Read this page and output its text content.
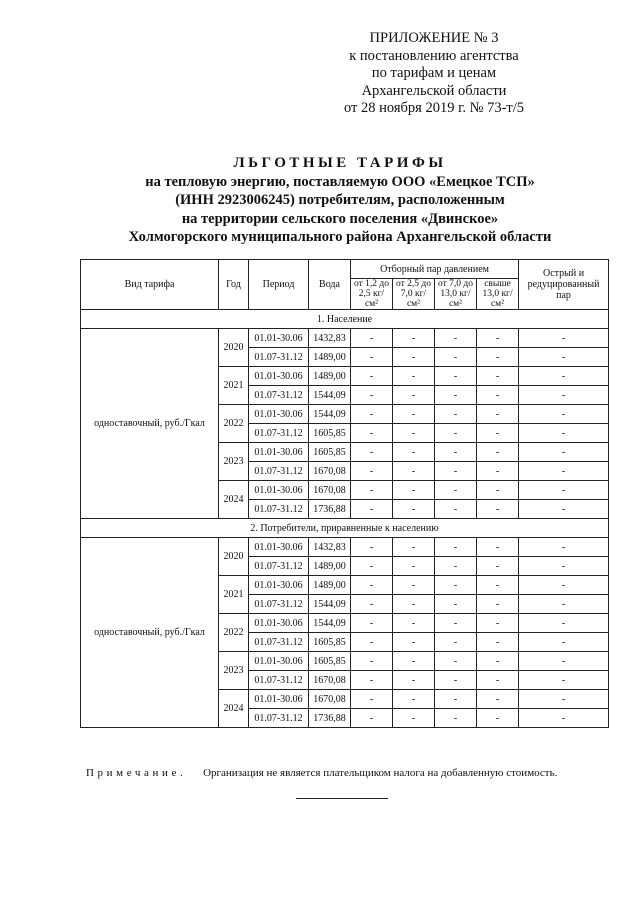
ПРИЛОЖЕНИЕ № 3
к постановлению агентства
по тарифам и ценам
Архангельской области
от 28 ноября 2019 г. № 73-т/5
ЛЬГОТНЫЕ ТАРИФЫ
на тепловую энергию, поставляемую ООО «Емецкое ТСП»
(ИНН 2923006245) потребителям, расположенным
на территории сельского поселения «Двинское»
Холмогорского муниципального района Архангельской области
Вид тарифа	Год	Период	Вода	Отборный пар давлением				Острый и редуцированный пар
				от 1,2 до 2,5 кг/см²	от 2,5 до 7,0 кг/см²	от 7,0 до 13,0 кг/см²	свыше 13,0 кг/см²	
1. Население								
одноставочный, руб./Гкал	2020	01.01-30.06	1432,83	-	-	-	-	-
		01.07-31.12	1489,00	-	-	-	-	-
	2021	01.01-30.06	1489,00	-	-	-	-	-
		01.07-31.12	1544,09	-	-	-	-	-
	2022	01.01-30.06	1544,09	-	-	-	-	-
		01.07-31.12	1605,85	-	-	-	-	-
	2023	01.01-30.06	1605,85	-	-	-	-	-
		01.07-31.12	1670,08	-	-	-	-	-
	2024	01.01-30.06	1670,08	-	-	-	-	-
		01.07-31.12	1736,88	-	-	-	-	-
2. Потребители, приравненные к населению								
одноставочный, руб./Гкал	2020	01.01-30.06	1432,83	-	-	-	-	-
		01.07-31.12	1489,00	-	-	-	-	-
	2021	01.01-30.06	1489,00	-	-	-	-	-
		01.07-31.12	1544,09	-	-	-	-	-
	2022	01.01-30.06	1544,09	-	-	-	-	-
		01.07-31.12	1605,85	-	-	-	-	-
	2023	01.01-30.06	1605,85	-	-	-	-	-
		01.07-31.12	1670,08	-	-	-	-	-
	2024	01.01-30.06	1670,08	-	-	-	-	-
		01.07-31.12	1736,88	-	-	-	-	-
Примечание. Организация не является плательщиком налога на добавленную стоимость.
